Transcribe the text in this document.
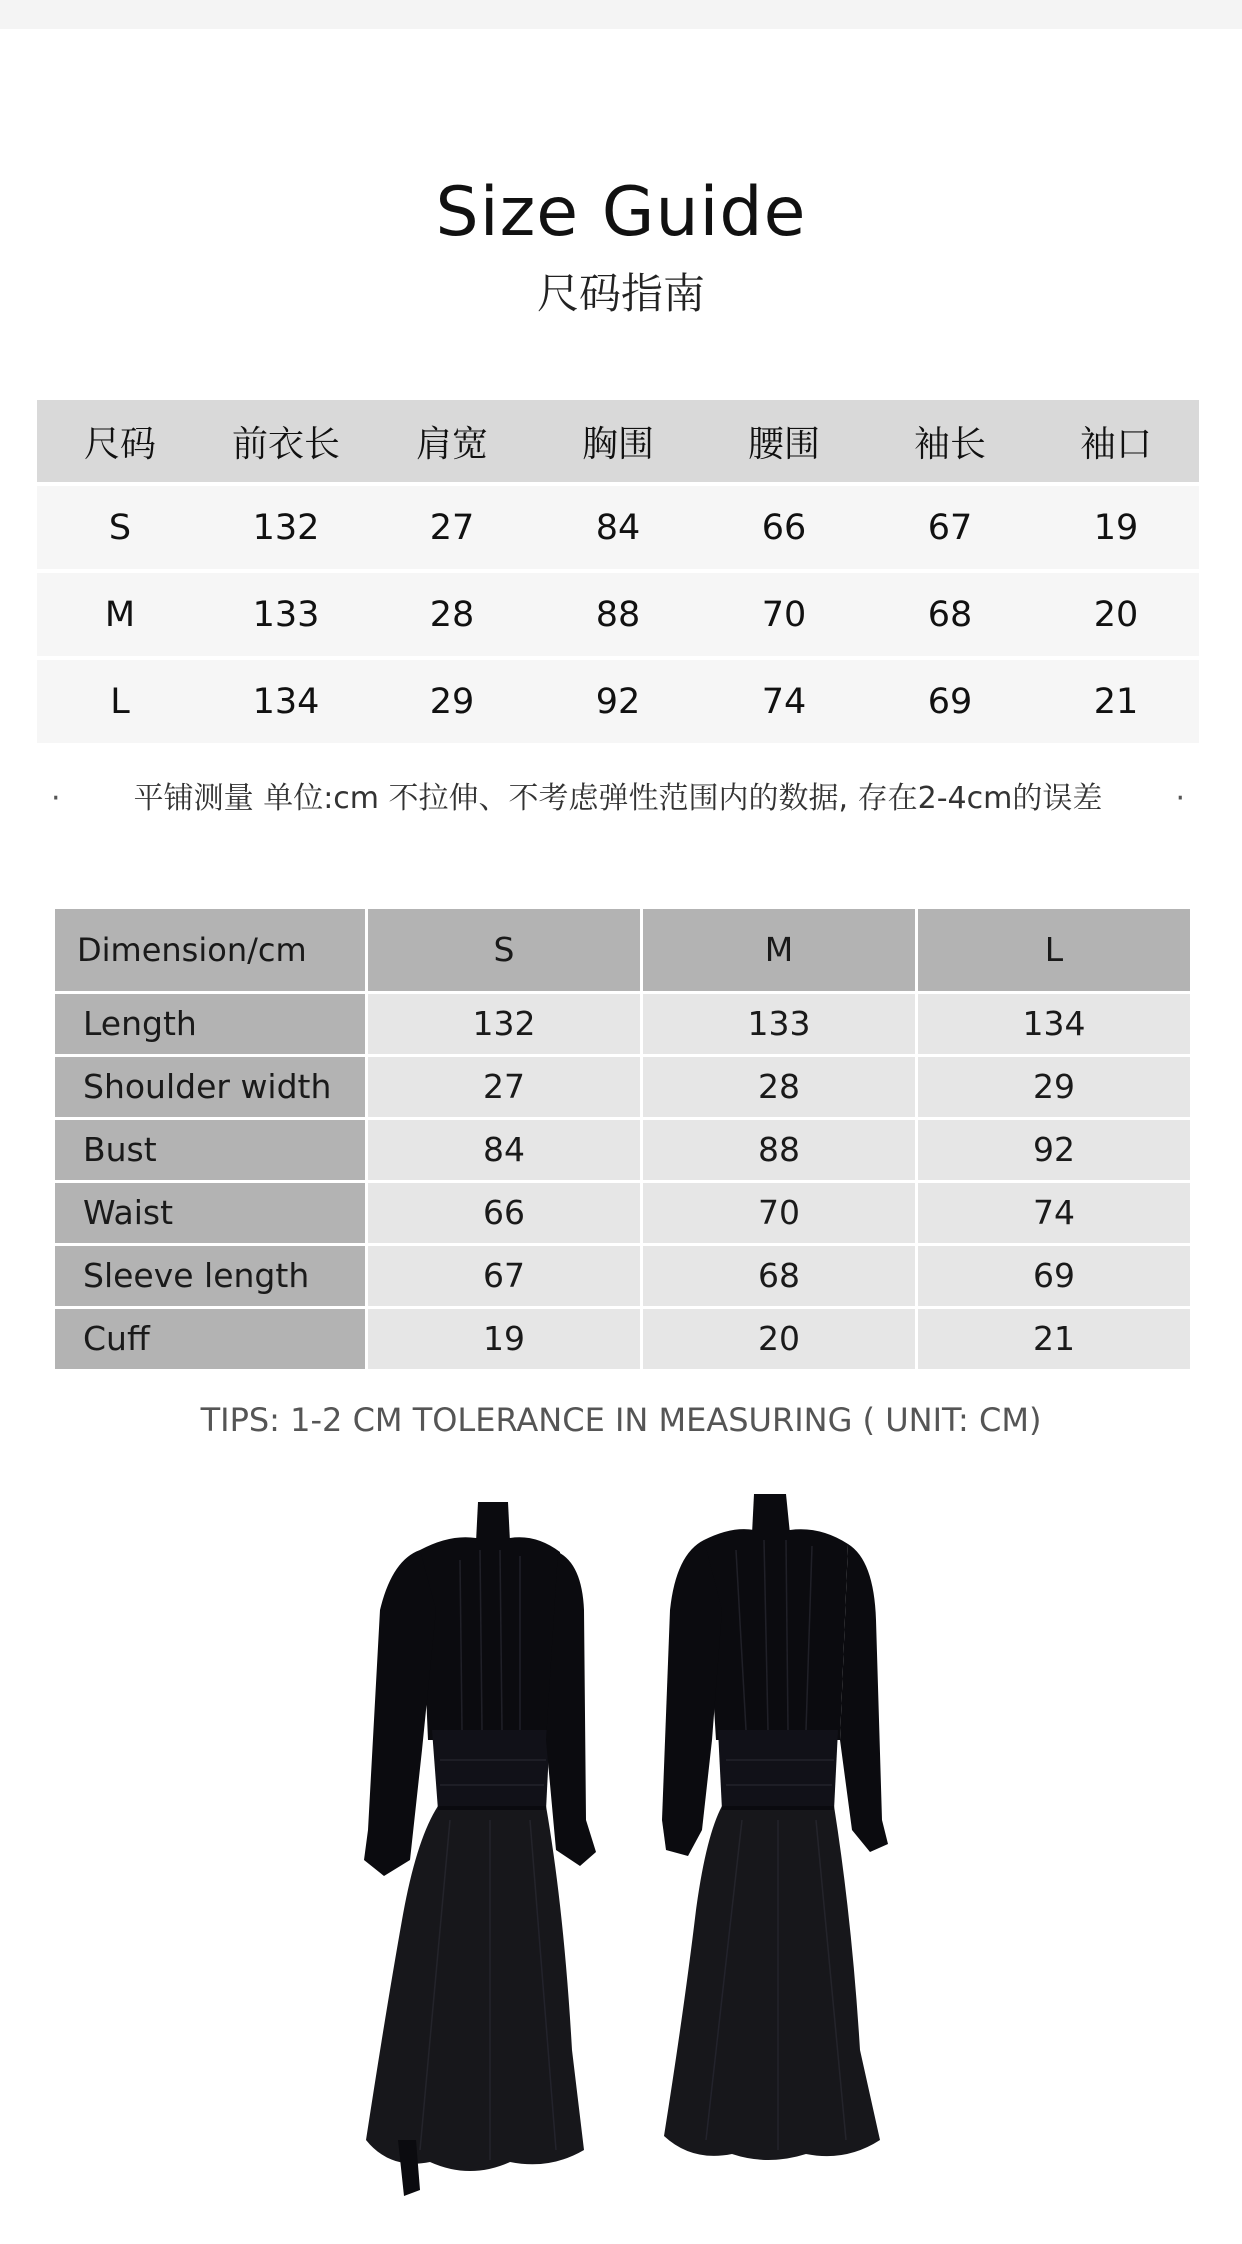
Size Guide
尺码指南
尺码	前衣长	肩宽	胸围	腰围	袖长	袖口
S	132	27	84	66	67	19
M	133	28	88	70	68	20
L	134	29	92	74	69	21
·	平铺测量 单位:cm 不拉伸、不考虑弹性范围内的数据, 存在2-4cm的误差	·
Dimension/cm	S	M	L
Length	132	133	134
Shoulder width	27	28	29
Bust	84	88	92
Waist	66	70	74
Sleeve length	67	68	69
Cuff	19	20	21
TIPS: 1-2 CM TOLERANCE IN MEASURING ( UNIT: CM)
